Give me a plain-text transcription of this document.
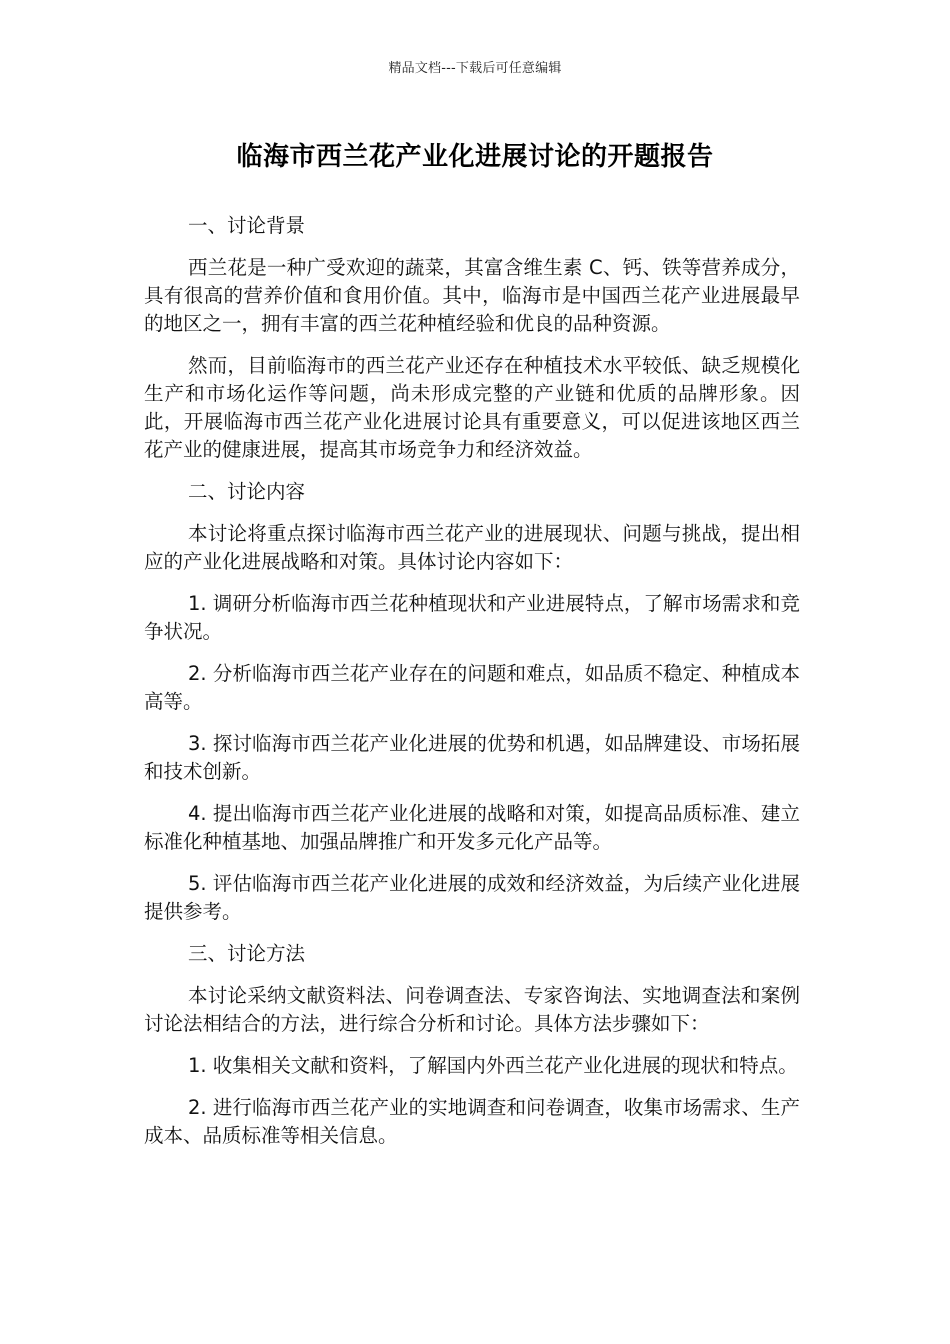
精品文档---下载后可任意编辑
临海市西兰花产业化进展讨论的开题报告

一、讨论背景

西兰花是一种广受欢迎的蔬菜，其富含维生素 C、钙、铁等营养成分，具有很高的营养价值和食用价值。其中，临海市是中国西兰花产业进展最早的地区之一，拥有丰富的西兰花种植经验和优良的品种资源。

然而，目前临海市的西兰花产业还存在种植技术水平较低、缺乏规模化生产和市场化运作等问题，尚未形成完整的产业链和优质的品牌形象。因此，开展临海市西兰花产业化进展讨论具有重要意义，可以促进该地区西兰花产业的健康进展，提高其市场竞争力和经济效益。

二、讨论内容

本讨论将重点探讨临海市西兰花产业的进展现状、问题与挑战，提出相应的产业化进展战略和对策。具体讨论内容如下：

1. 调研分析临海市西兰花种植现状和产业进展特点，了解市场需求和竞争状况。

2. 分析临海市西兰花产业存在的问题和难点，如品质不稳定、种植成本高等。

3. 探讨临海市西兰花产业化进展的优势和机遇，如品牌建设、市场拓展和技术创新。

4. 提出临海市西兰花产业化进展的战略和对策，如提高品质标准、建立标准化种植基地、加强品牌推广和开发多元化产品等。

5. 评估临海市西兰花产业化进展的成效和经济效益，为后续产业化进展提供参考。

三、讨论方法

本讨论采纳文献资料法、问卷调查法、专家咨询法、实地调查法和案例讨论法相结合的方法，进行综合分析和讨论。具体方法步骤如下：

1. 收集相关文献和资料，了解国内外西兰花产业化进展的现状和特点。

2. 进行临海市西兰花产业的实地调查和问卷调查，收集市场需求、生产成本、品质标准等相关信息。
